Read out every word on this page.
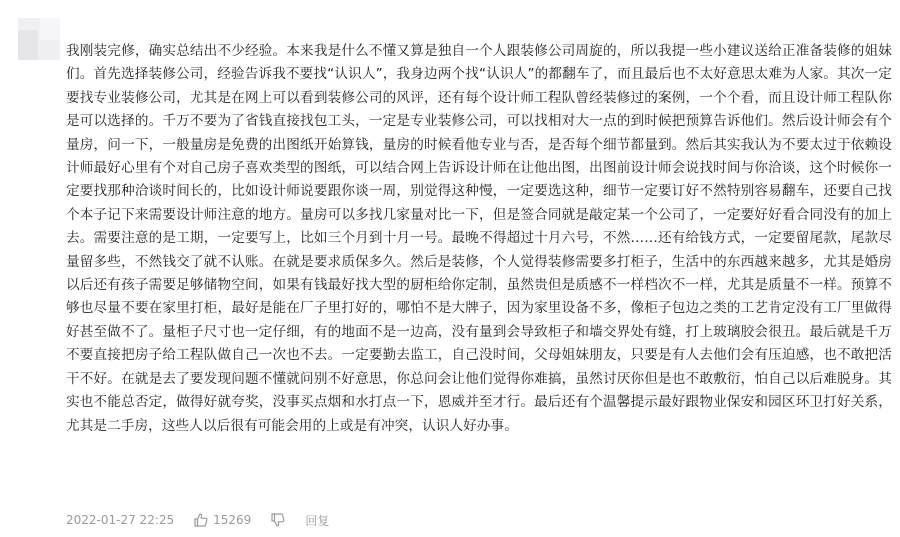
我刚装完修，确实总结出不少经验。本来我是什么不懂又算是独自一个人跟装修公司周旋的，所以我提一些小建议送给正准备装修的姐妹们。首先选择装修公司，经验告诉我不要找“认识人”，我身边两个找“认识人”的都翻车了，而且最后也不太好意思太难为人家。其次一定要找专业装修公司，尤其是在网上可以看到装修公司的风评，还有每个设计师工程队曾经装修过的案例，一个个看，而且设计师工程队你是可以选择的。千万不要为了省钱直接找包工头，一定是专业装修公司，可以找相对大一点的到时候把预算告诉他们。然后设计师会有个量房，问一下，一般量房是免费的出图纸开始算钱，量房的时候看他专业与否，是否每个细节都量到。然后其实我认为不要太过于依赖设计师最好心里有个对自己房子喜欢类型的图纸，可以结合网上告诉设计师在让他出图，出图前设计师会说找时间与你洽谈，这个时候你一定要找那种洽谈时间长的，比如设计师说要跟你谈一周，别觉得这种慢，一定要选这种，细节一定要订好不然特别容易翻车，还要自己找个本子记下来需要设计师注意的地方。量房可以多找几家量对比一下，但是签合同就是敲定某一个公司了，一定要好好看合同没有的加上去。需要注意的是工期，一定要写上，比如三个月到十月一号。最晚不得超过十月六号，不然……还有给钱方式，一定要留尾款，尾款尽量留多些，不然钱交了就不认账。在就是要求质保多久。然后是装修，个人觉得装修需要多打柜子，生活中的东西越来越多，尤其是婚房以后还有孩子需要足够储物空间，如果有钱最好找大型的厨柜给你定制，虽然贵但是质感不一样档次不一样，尤其是质量不一样。预算不够也尽量不要在家里打柜，最好是能在厂子里打好的，哪怕不是大牌子，因为家里设备不多，像柜子包边之类的工艺肯定没有工厂里做得好甚至做不了。量柜子尺寸也一定仔细，有的地面不是一边高，没有量到会导致柜子和墙交界处有缝，打上玻璃胶会很丑。最后就是千万不要直接把房子给工程队做自己一次也不去。一定要勤去监工，自己没时间，父母姐妹朋友，只要是有人去他们会有压迫感，也不敢把活干不好。在就是去了要发现问题不懂就问别不好意思，你总问会让他们觉得你难搞，虽然讨厌你但是也不敢敷衍，怕自己以后难脱身。其实也不能总否定，做得好就夸奖，没事买点烟和水打点一下，恩威并至才行。最后还有个温馨提示最好跟物业保安和园区环卫打好关系，尤其是二手房，这些人以后很有可能会用的上或是有冲突，认识人好办事。

2022-01-27 22:25	15269	回复
